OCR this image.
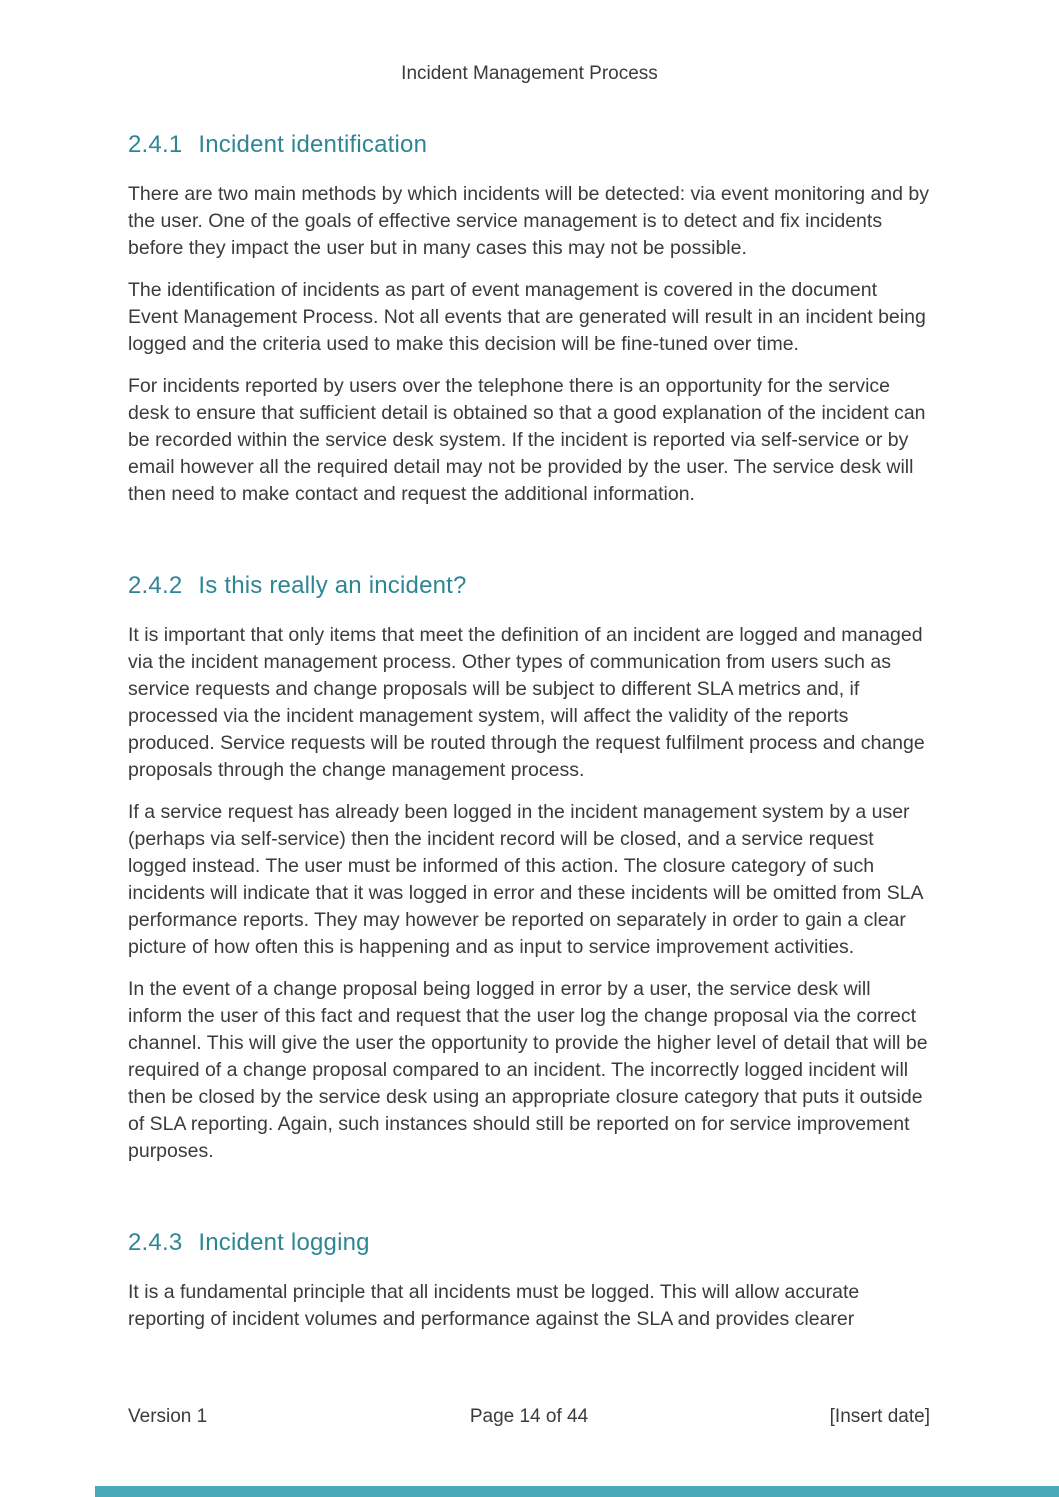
Incident Management Process
2.4.1 Incident identification

There are two main methods by which incidents will be detected: via event monitoring and by the user. One of the goals of effective service management is to detect and fix incidents before they impact the user but in many cases this may not be possible.

The identification of incidents as part of event management is covered in the document Event Management Process. Not all events that are generated will result in an incident being logged and the criteria used to make this decision will be fine-tuned over time.

For incidents reported by users over the telephone there is an opportunity for the service desk to ensure that sufficient detail is obtained so that a good explanation of the incident can be recorded within the service desk system. If the incident is reported via self-service or by email however all the required detail may not be provided by the user. The service desk will then need to make contact and request the additional information.

2.4.2 Is this really an incident?

It is important that only items that meet the definition of an incident are logged and managed via the incident management process. Other types of communication from users such as service requests and change proposals will be subject to different SLA metrics and, if processed via the incident management system, will affect the validity of the reports produced. Service requests will be routed through the request fulfilment process and change proposals through the change management process.

If a service request has already been logged in the incident management system by a user (perhaps via self-service) then the incident record will be closed, and a service request logged instead. The user must be informed of this action. The closure category of such incidents will indicate that it was logged in error and these incidents will be omitted from SLA performance reports. They may however be reported on separately in order to gain a clear picture of how often this is happening and as input to service improvement activities.

In the event of a change proposal being logged in error by a user, the service desk will inform the user of this fact and request that the user log the change proposal via the correct channel. This will give the user the opportunity to provide the higher level of detail that will be required of a change proposal compared to an incident. The incorrectly logged incident will then be closed by the service desk using an appropriate closure category that puts it outside of SLA reporting. Again, such instances should still be reported on for service improvement purposes.

2.4.3 Incident logging

It is a fundamental principle that all incidents must be logged. This will allow accurate reporting of incident volumes and performance against the SLA and provides clearer

Version 1	Page 14 of 44	[Insert date]
